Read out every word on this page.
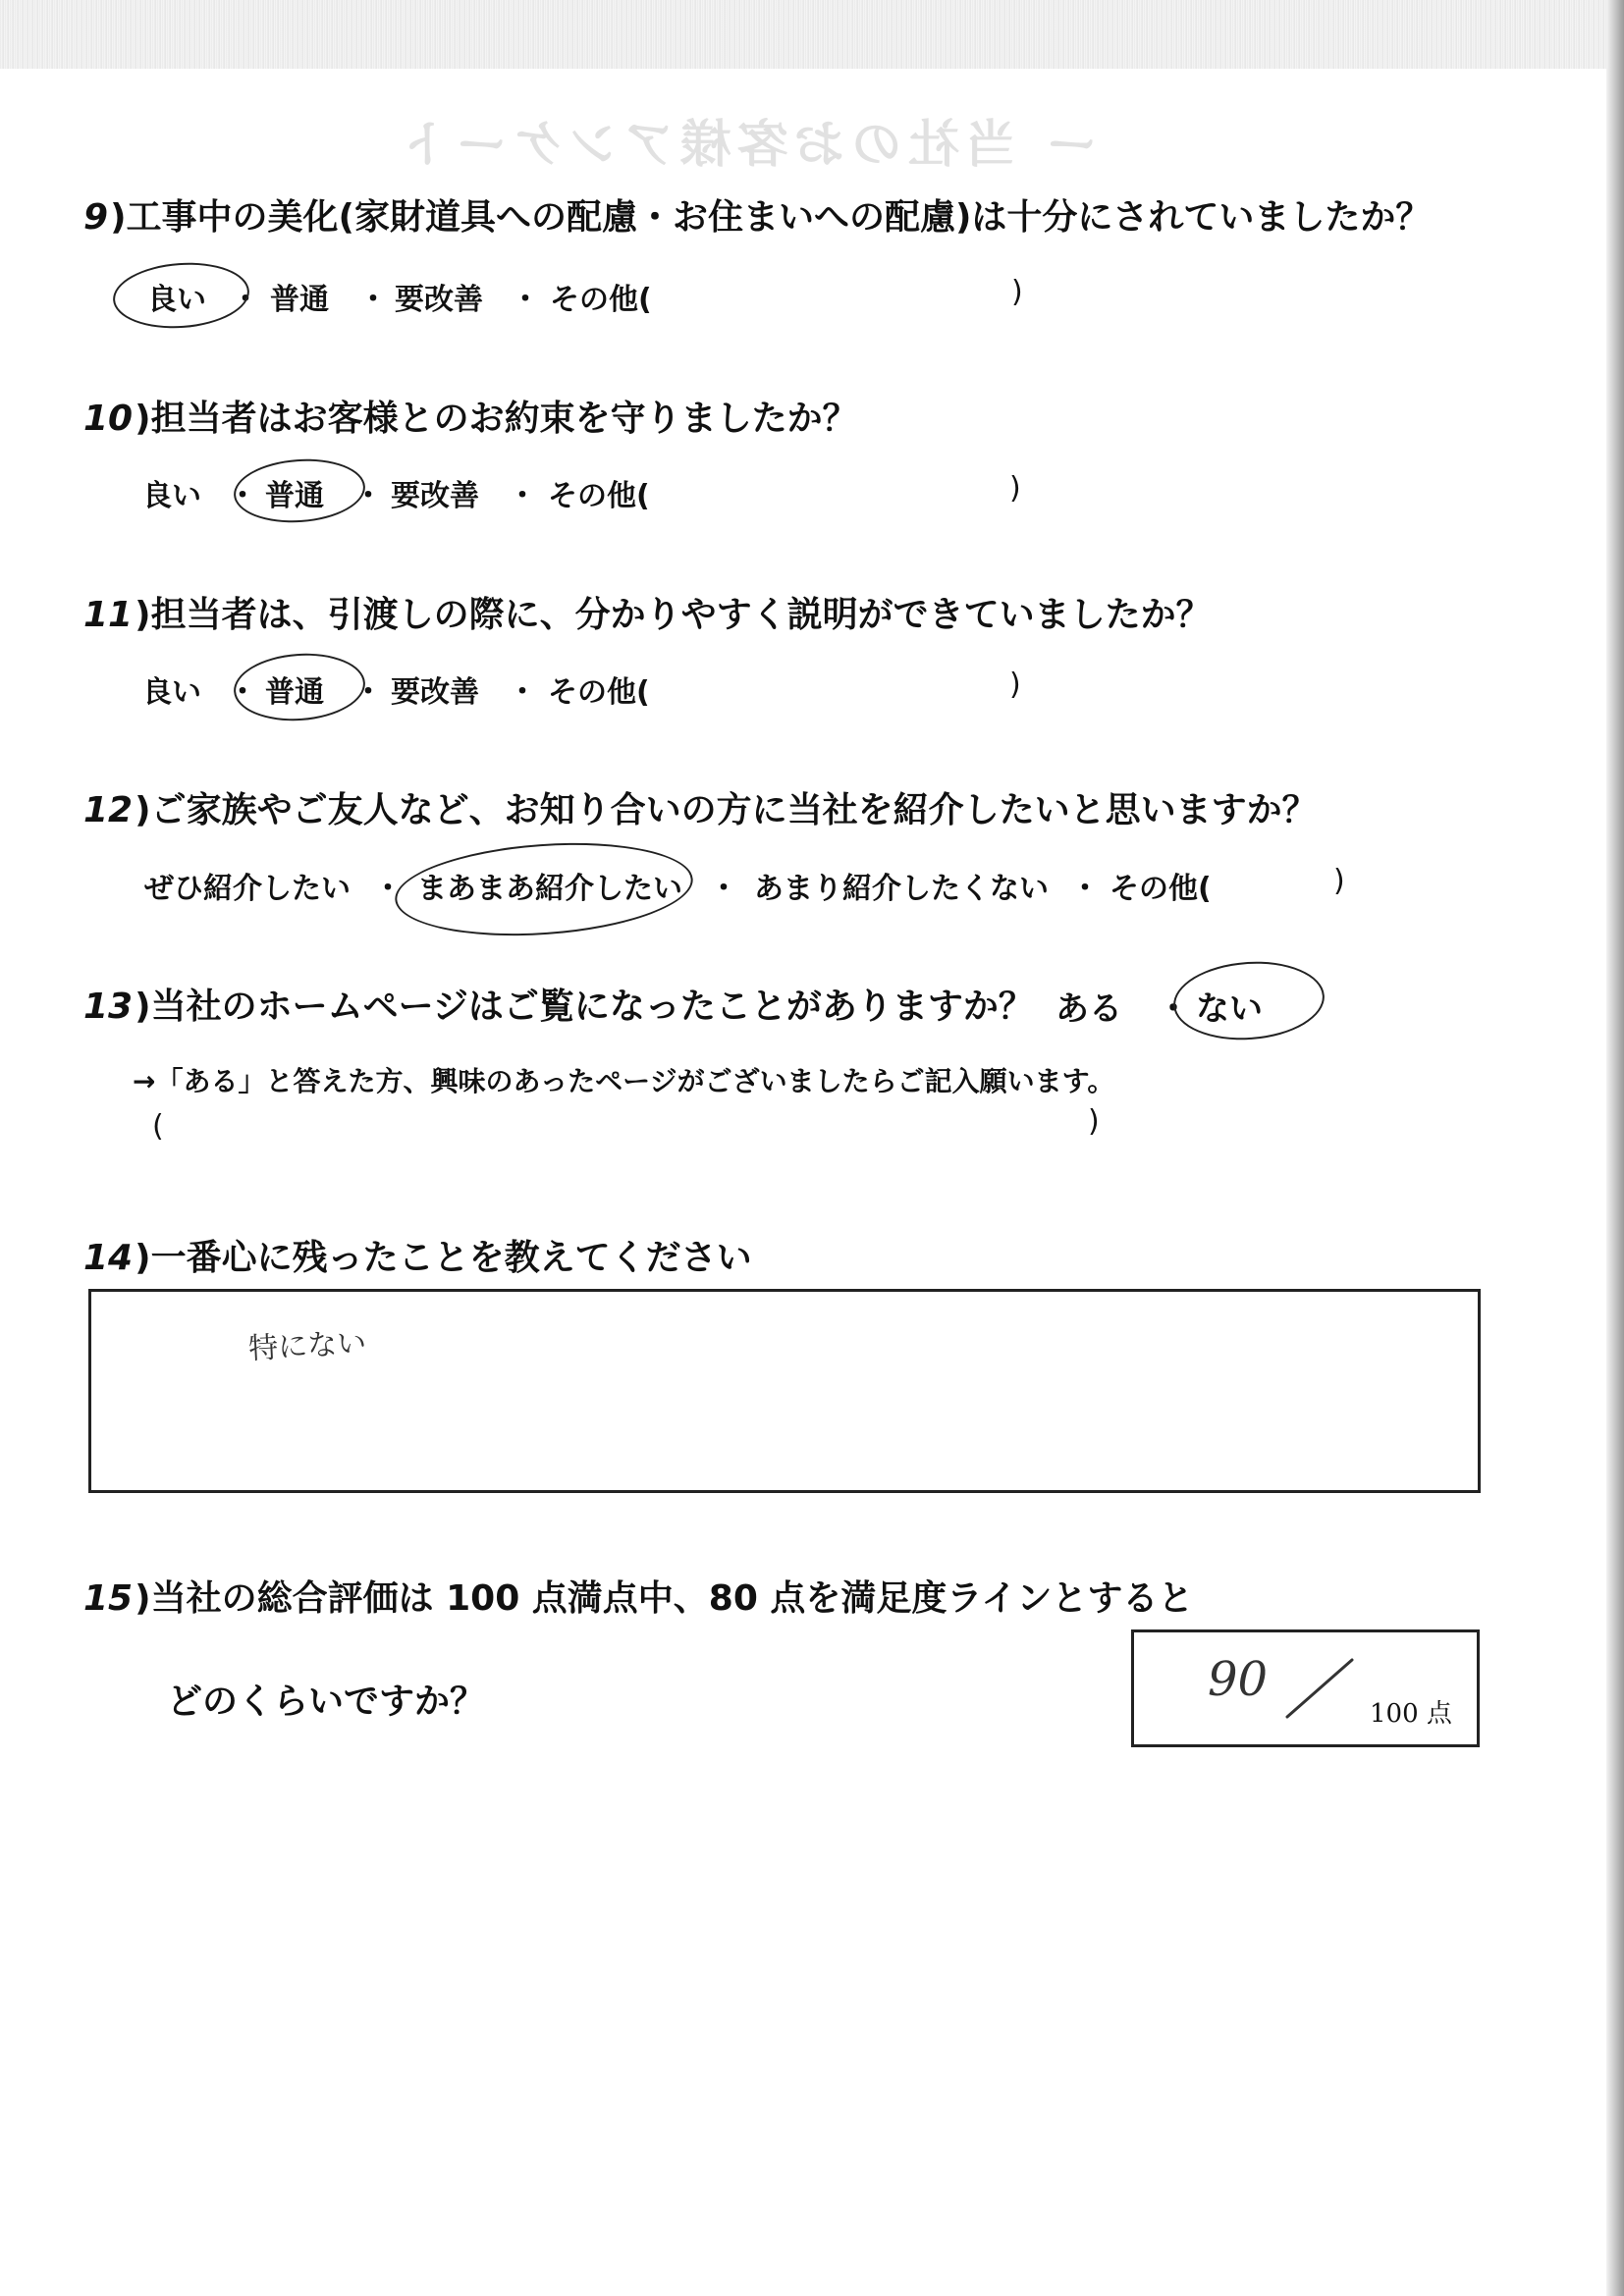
ー 当社のお客様アンケート
9)工事中の美化(家財道具への配慮・お住まいへの配慮)は十分にされていましたか？
良い ・ 普通 ・ 要改善 ・ その他(	)
10)担当者はお客様とのお約束を守りましたか？
良い ・ 普通 ・ 要改善 ・ その他(	)
11)担当者は、引渡しの際に、分かりやすく説明ができていましたか？
良い ・ 普通 ・ 要改善 ・ その他(	)
12)ご家族やご友人など、お知り合いの方に当社を紹介したいと思いますか？
ぜひ紹介したい ・ まあまあ紹介したい ・ あまり紹介したくない ・ その他(	)
13)当社のホームページはご覧になったことがありますか？ ある ・ ない
→「ある」と答えた方、興味のあったページがございましたらご記入願います。
(	)
14)一番心に残ったことを教えてください
特にない
15)当社の総合評価は 100 点満点中、80 点を満足度ラインとすると
どのくらいですか？	90
100 点
